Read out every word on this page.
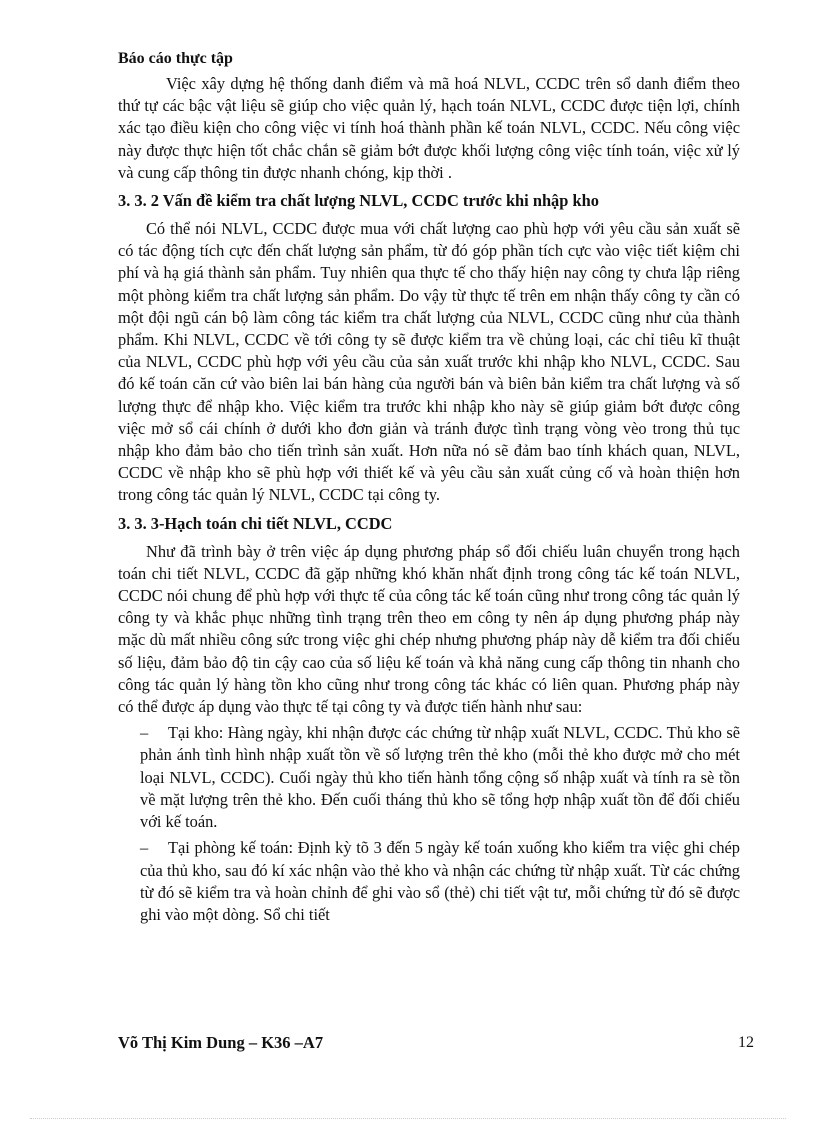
Báo cáo thực tập

Việc xây dựng hệ thống danh điểm và mã hoá NLVL, CCDC trên sổ danh điểm theo thứ tự các bậc vật liệu sẽ giúp cho việc quản lý, hạch toán NLVL, CCDC được tiện lợi, chính xác tạo điều kiện cho công việc vi tính hoá thành phần kế toán NLVL, CCDC. Nếu công việc này được thực hiện tốt chắc chắn sẽ giảm bớt được khối lượng công việc tính toán, việc xử lý và cung cấp thông tin được nhanh chóng, kịp thời .

3. 3. 2 Vấn đề kiểm tra chất lượng NLVL, CCDC trước khi nhập kho

Có thể nói NLVL, CCDC được mua với chất lượng cao phù hợp với yêu cầu sản xuất sẽ có tác động tích cực đến chất lượng sản phẩm, từ đó góp phần tích cực vào việc tiết kiệm chi phí và hạ giá thành sản phẩm. Tuy nhiên qua thực tế cho thấy hiện nay công ty chưa lập riêng một phòng kiểm tra chất lượng sản phẩm. Do vậy từ thực tế trên em nhận thấy công ty cần có một đội ngũ cán bộ làm công tác kiểm tra chất lượng của NLVL, CCDC cũng như của thành phẩm. Khi NLVL, CCDC về tới công ty sẽ được kiểm tra về chủng loại, các chỉ tiêu kĩ thuật của NLVL, CCDC phù hợp với yêu cầu của sản xuất trước khi nhập kho NLVL, CCDC. Sau đó kế toán căn cứ vào biên lai bán hàng của người bán và biên bản kiểm tra chất lượng và số lượng thực để nhập kho. Việc kiểm tra trước khi nhập kho này sẽ giúp giảm bớt được công việc mở sổ cái chính ở dưới kho đơn giản và tránh được tình trạng vòng vèo trong thủ tục nhập kho đảm bảo cho tiến trình sản xuất. Hơn nữa nó sẽ đảm bao tính khách quan, NLVL, CCDC về nhập kho sẽ phù hợp với thiết kế và yêu cầu sản xuất củng cố và hoàn thiện hơn trong công tác quản lý NLVL, CCDC tại công ty.

3. 3. 3-Hạch toán chi tiết NLVL, CCDC

Như đã trình bày ở trên việc áp dụng phương pháp sổ đối chiếu luân chuyển trong hạch toán chi tiết NLVL, CCDC đã gặp những khó khăn nhất định trong công tác kế toán NLVL, CCDC nói chung để phù hợp với thực tế của công tác kế toán cũng như trong công tác quản lý công ty và khắc phục những tình trạng trên theo em công ty nên áp dụng phương pháp này mặc dù mất nhiều công sức trong việc ghi chép nhưng phương pháp này dễ kiểm tra đối chiếu số liệu, đảm bảo độ tin cậy cao của số liệu kế toán và khả năng cung cấp thông tin nhanh cho công tác quản lý hàng tồn kho cũng như trong công tác khác có liên quan. Phương pháp này có thể được áp dụng vào thực tế tại công ty và được tiến hành như sau:

–	Tại kho: Hàng ngày, khi nhận được các chứng từ nhập xuất NLVL, CCDC. Thủ kho sẽ phản ánh tình hình nhập xuất tồn về số lượng trên thẻ kho (mỗi thẻ kho được mở cho mét loại NLVL, CCDC). Cuối ngày thủ kho tiến hành tổng cộng số nhập xuất và tính ra sè tồn về mặt lượng trên thẻ kho. Đến cuối tháng thủ kho sẽ tổng hợp nhập xuất tồn để đối chiếu với kế toán.
–	Tại phòng kế toán: Định kỳ tõ 3 đến 5 ngày kế toán xuống kho kiểm tra việc ghi chép của thủ kho, sau đó kí xác nhận vào thẻ kho và nhận các chứng từ nhập xuất. Từ các chứng từ đó sẽ kiểm tra và hoàn chỉnh để ghi vào sổ (thẻ) chi tiết vật tư, mỗi chứng từ đó sẽ được ghi vào một dòng. Sổ chi tiết
Võ Thị Kim Dung – K36 –A7	12
